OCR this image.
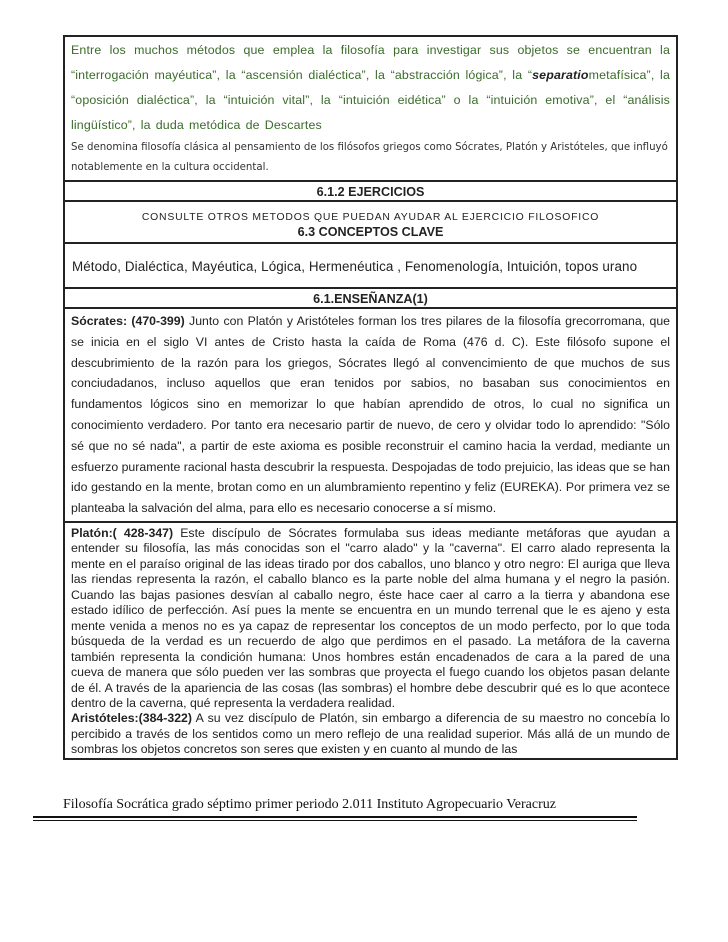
Entre los muchos métodos que emplea la filosofía para investigar sus objetos se encuentran la “interrogación mayéutica”, la “ascensión dialéctica”, la “abstracción lógica”, la “separatiometafísica”, la “oposición dialéctica”, la “intuición vital”, la “intuición eidética” o la “intuición emotiva”, el “análisis lingüístico”, la duda metódica de Descartes

Se denomina filosofía clásica al pensamiento de los filósofos griegos como Sócrates, Platón y Aristóteles, que influyó notablemente en la cultura occidental.
6.1.2 EJERCICIOS
CONSULTE OTROS METODOS QUE PUEDAN AYUDAR AL EJERCICIO FILOSOFICO
6.3 CONCEPTOS CLAVE
Método, Dialéctica, Mayéutica, Lógica, Hermenéutica , Fenomenología, Intuición, topos urano
6.1.ENSEÑANZA(1)

Sócrates: (470-399) Junto con Platón y Aristóteles forman los tres pilares de la filosofía grecorromana, que se inicia en el siglo VI antes de Cristo hasta la caída de Roma (476 d. C). Este filósofo supone el descubrimiento de la razón para los griegos, Sócrates llegó al convencimiento de que muchos de sus conciudadanos, incluso aquellos que eran tenidos por sabios, no basaban sus conocimientos en fundamentos lógicos sino en memorizar lo que habían aprendido de otros, lo cual no significa un conocimiento verdadero. Por tanto era necesario partir de nuevo, de cero y olvidar todo lo aprendido: "Sólo sé que no sé nada", a partir de este axioma es posible reconstruir el camino hacia la verdad, mediante un esfuerzo puramente racional hasta descubrir la respuesta. Despojadas de todo prejuicio, las ideas que se han ido gestando en la mente, brotan como en un alumbramiento repentino y feliz (EUREKA). Por primera vez se planteaba la salvación del alma, para ello es necesario conocerse a sí mismo.

Platón:( 428-347) Este discípulo de Sócrates formulaba sus ideas mediante metáforas que ayudan a entender su filosofía, las más conocidas son el "carro alado" y la "caverna". El carro alado representa la mente en el paraíso original de las ideas tirado por dos caballos, uno blanco y otro negro: El auriga que lleva las riendas representa la razón, el caballo blanco es la parte noble del alma humana y el negro la pasión. Cuando las bajas pasiones desvían al caballo negro, éste hace caer al carro a la tierra y abandona ese estado idílico de perfección. Así pues la mente se encuentra en un mundo terrenal que le es ajeno y esta mente venida a menos no es ya capaz de representar los conceptos de un modo perfecto, por lo que toda búsqueda de la verdad es un recuerdo de algo que perdimos en el pasado. La metáfora de la caverna también representa la condición humana: Unos hombres están encadenados de cara a la pared de una cueva de manera que sólo pueden ver las sombras que proyecta el fuego cuando los objetos pasan delante de él. A través de la apariencia de las cosas (las sombras) el hombre debe descubrir qué es lo que acontece dentro de la caverna, qué representa la verdadera realidad.

Aristóteles:(384-322) A su vez discípulo de Platón, sin embargo a diferencia de su maestro no concebía lo percibido a través de los sentidos como un mero reflejo de una realidad superior. Más allá de un mundo de sombras los objetos concretos son seres que existen y en cuanto al mundo de las

Filosofía Socrática grado séptimo primer periodo 2.011 Instituto Agropecuario Veracruz
